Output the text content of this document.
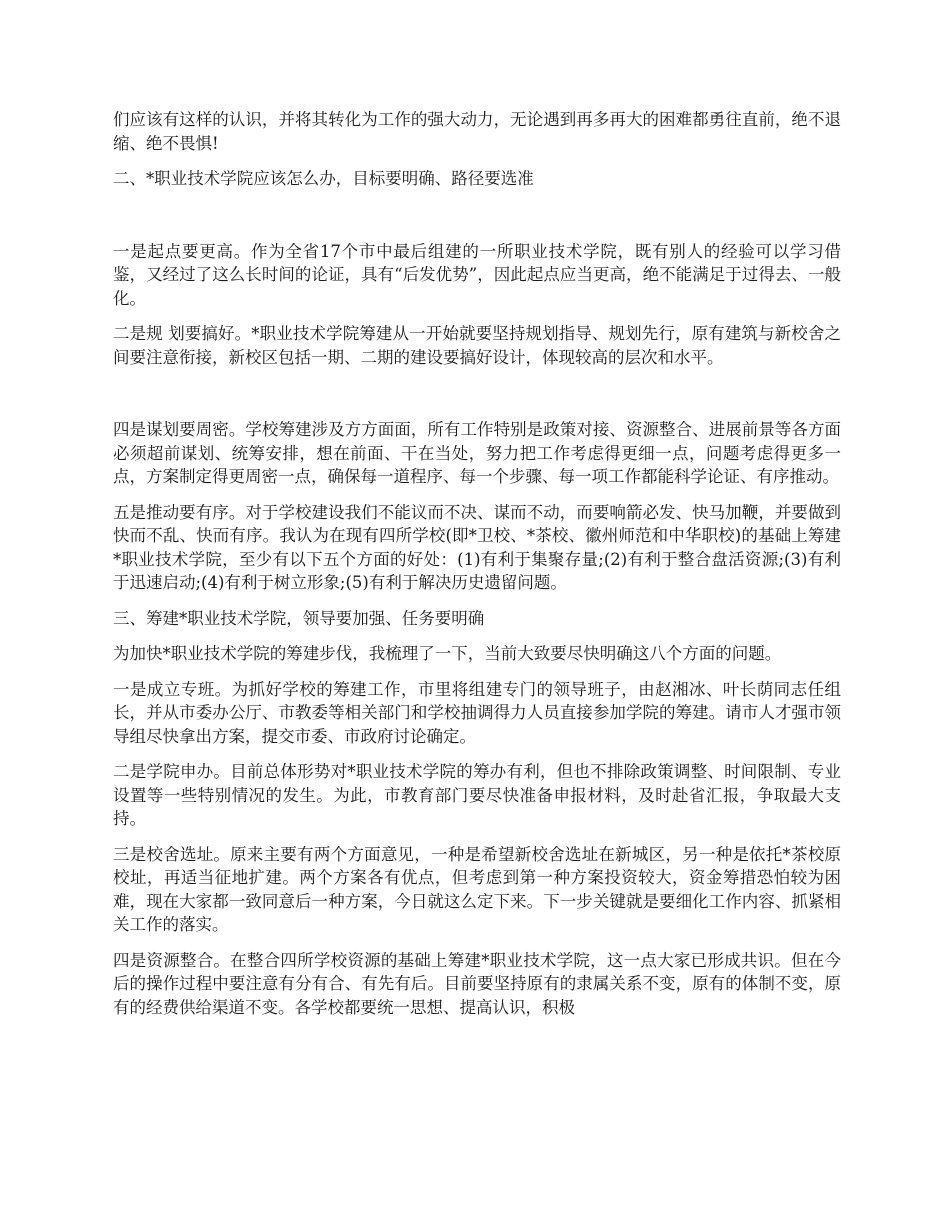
们应该有这样的认识，并将其转化为工作的强大动力，无论遇到再多再大的困难都勇往直前，绝不退缩、绝不畏惧!

二、*职业技术学院应该怎么办，目标要明确、路径要选准

一是起点要更高。作为全省17个市中最后组建的一所职业技术学院，既有别人的经验可以学习借鉴，又经过了这么长时间的论证，具有“后发优势”，因此起点应当更高，绝不能满足于过得去、一般化。

二是规 划要搞好。*职业技术学院筹建从一开始就要坚持规划指导、规划先行，原有建筑与新校舍之间要注意衔接，新校区包括一期、二期的建设要搞好设计，体现较高的层次和水平。

四是谋划要周密。学校筹建涉及方方面面，所有工作特别是政策对接、资源整合、进展前景等各方面必须超前谋划、统筹安排，想在前面、干在当处，努力把工作考虑得更细一点，问题考虑得更多一点，方案制定得更周密一点，确保每一道程序、每一个步骤、每一项工作都能科学论证、有序推动。

五是推动要有序。对于学校建设我们不能议而不决、谋而不动，而要响箭必发、快马加鞭，并要做到快而不乱、快而有序。我认为在现有四所学校(即*卫校、*茶校、徽州师范和中华职校)的基础上筹建*职业技术学院，至少有以下五个方面的好处：(1)有利于集聚存量;(2)有利于整合盘活资源;(3)有利于迅速启动;(4)有利于树立形象;(5)有利于解决历史遗留问题。

三、筹建*职业技术学院，领导要加强、任务要明确

为加快*职业技术学院的筹建步伐，我梳理了一下，当前大致要尽快明确这八个方面的问题。

一是成立专班。为抓好学校的筹建工作，市里将组建专门的领导班子，由赵湘冰、叶长荫同志任组长，并从市委办公厅、市教委等相关部门和学校抽调得力人员直接参加学院的筹建。请市人才强市领导组尽快拿出方案，提交市委、市政府讨论确定。

二是学院申办。目前总体形势对*职业技术学院的筹办有利，但也不排除政策调整、时间限制、专业设置等一些特别情况的发生。为此，市教育部门要尽快准备申报材料，及时赴省汇报，争取最大支持。

三是校舍选址。原来主要有两个方面意见，一种是希望新校舍选址在新城区，另一种是依托*茶校原校址，再适当征地扩建。两个方案各有优点，但考虑到第一种方案投资较大，资金筹措恐怕较为困难，现在大家都一致同意后一种方案，今日就这么定下来。下一步关键就是要细化工作内容、抓紧相关工作的落实。

四是资源整合。在整合四所学校资源的基础上筹建*职业技术学院，这一点大家已形成共识。但在今后的操作过程中要注意有分有合、有先有后。目前要坚持原有的隶属关系不变，原有的体制不变，原有的经费供给渠道不变。各学校都要统一思想、提高认识，积极
